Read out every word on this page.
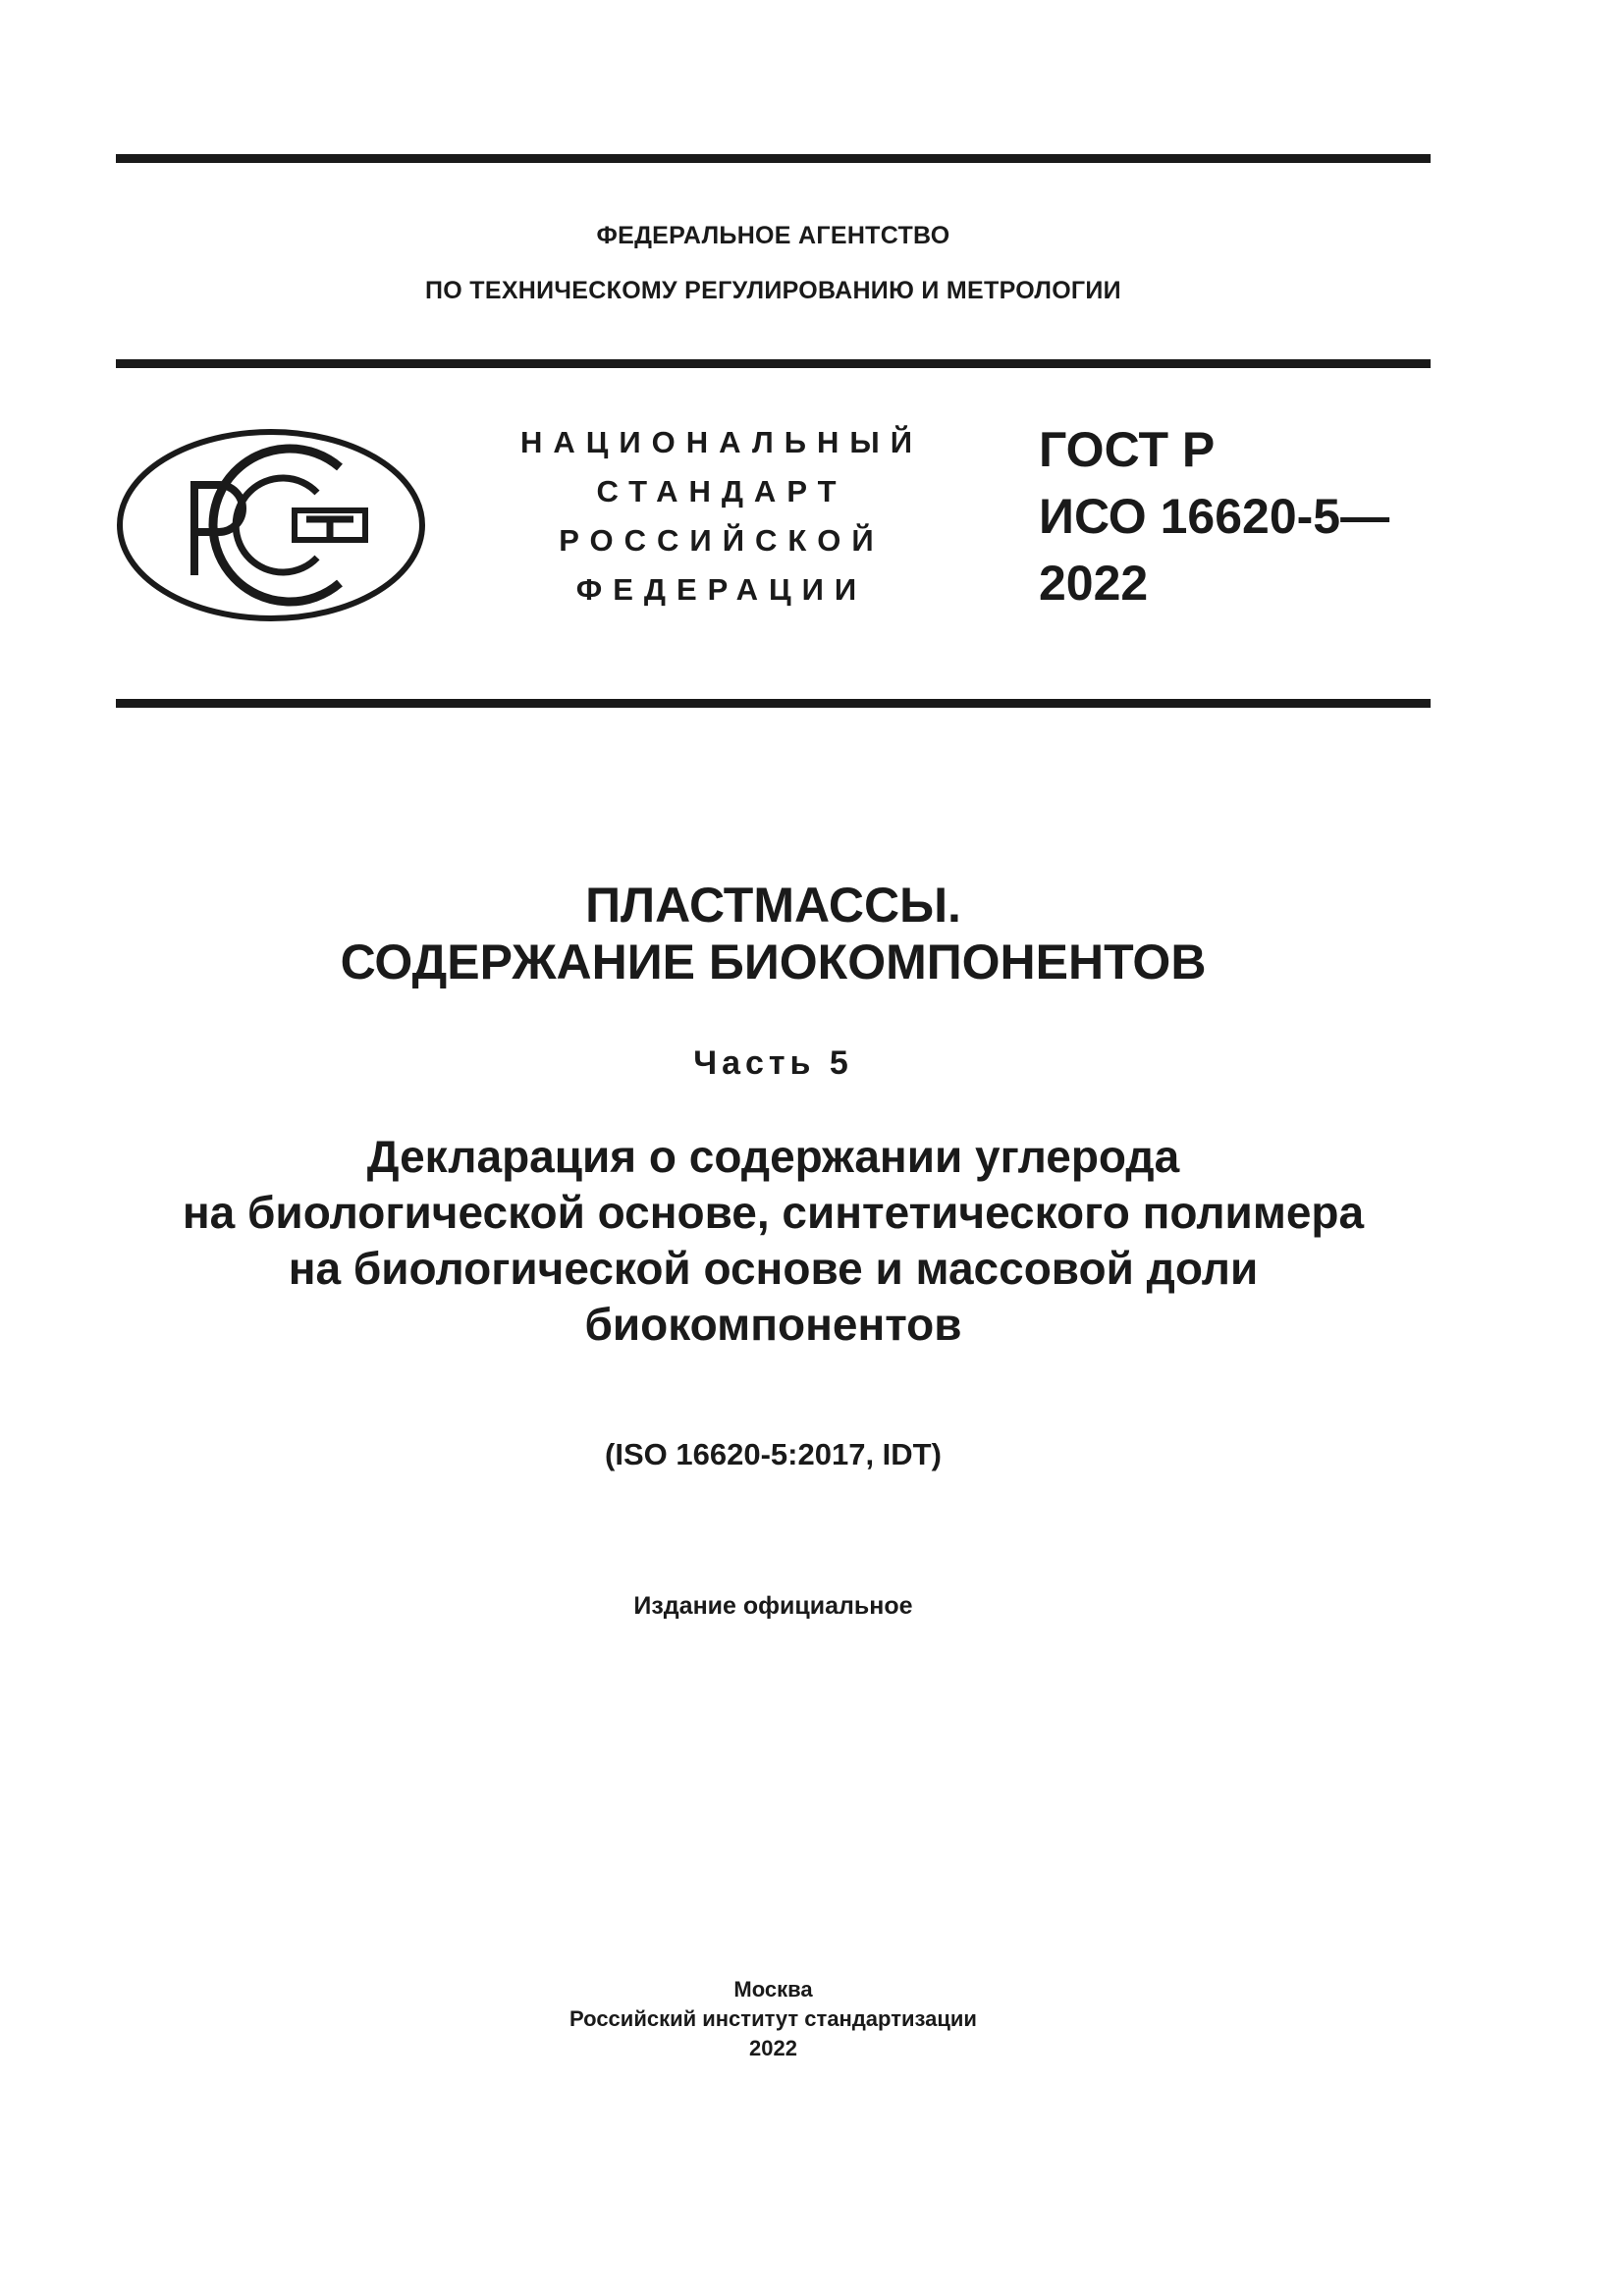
ФЕДЕРАЛЬНОЕ АГЕНТСТВО
ПО ТЕХНИЧЕСКОМУ РЕГУЛИРОВАНИЮ И МЕТРОЛОГИИ
НАЦИОНАЛЬНЫЙ
СТАНДАРТ
РОССИЙСКОЙ
ФЕДЕРАЦИИ
ГОСТ Р
ИСО 16620-5—
2022
ПЛАСТМАССЫ.
СОДЕРЖАНИЕ БИОКОМПОНЕНТОВ
Часть 5
Декларация о содержании углерода
на биологической основе, синтетического полимера
на биологической основе и массовой доли
биокомпонентов
(ISO 16620-5:2017, IDT)
Издание официальное
Москва
Российский институт стандартизации
2022
